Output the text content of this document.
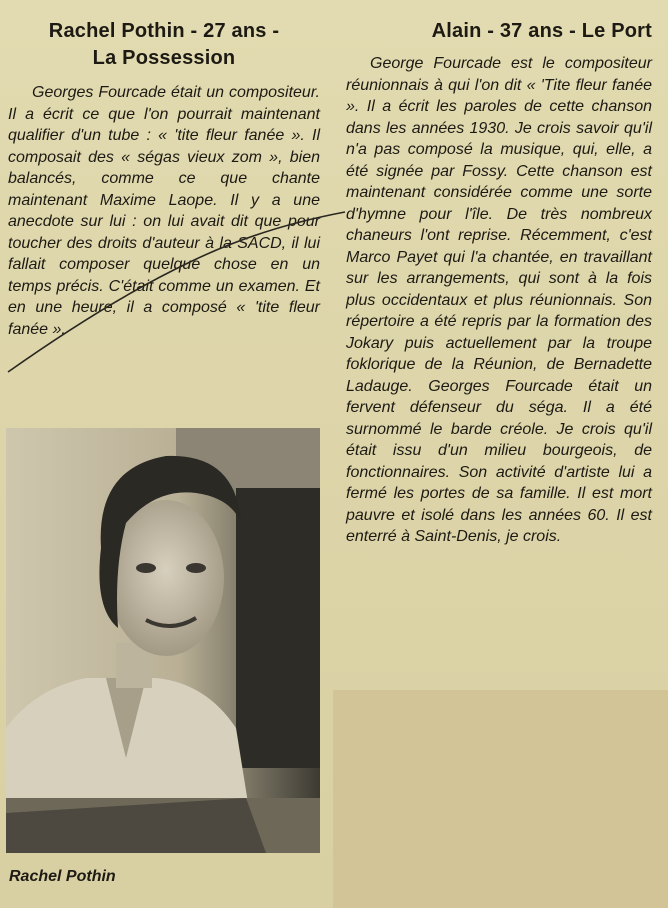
Rachel Pothin - 27 ans -
La Possession

Georges Fourcade était un compositeur. Il a écrit ce que l'on pourrait maintenant qualifier d'un tube : « 'tite fleur fanée ». Il composait des « ségas vieux zom », bien balancés, comme ce que chante maintenant Maxime Laope. Il y a une anecdote sur lui : on lui avait dit que pour toucher des droits d'auteur à la SACD, il lui fallait composer quelque chose en un temps précis. C'était comme un examen. Et en une heure, il a composé « 'tite fleur fanée ».

Alain - 37 ans - Le Port

George Fourcade est le compositeur réunionnais à qui l'on dit « 'Tite fleur fanée ». Il a écrit les paroles de cette chanson dans les années 1930. Je crois savoir qu'il n'a pas composé la musique, qui, elle, a été signée par Fossy. Cette chanson est maintenant considérée comme une sorte d'hymne pour l'île. De très nombreux chaneurs l'ont reprise. Récemment, c'est Marco Payet qui l'a chantée, en travaillant sur les arrangements, qui sont à la fois plus occidentaux et plus réunionnais. Son répertoire a été repris par la formation des Jokary puis actuellement par la troupe foklorique de la Réunion, de Bernadette Ladauge. Georges Fourcade était un fervent défenseur du séga. Il a été surnommé le barde créole. Je crois qu'il était issu d'un milieu bourgeois, de fonctionnaires. Son activité d'artiste lui a fermé les portes de sa famille. Il est mort pauvre et isolé dans les années 60. Il est enterré à Saint-Denis, je crois.

Rachel Pothin
